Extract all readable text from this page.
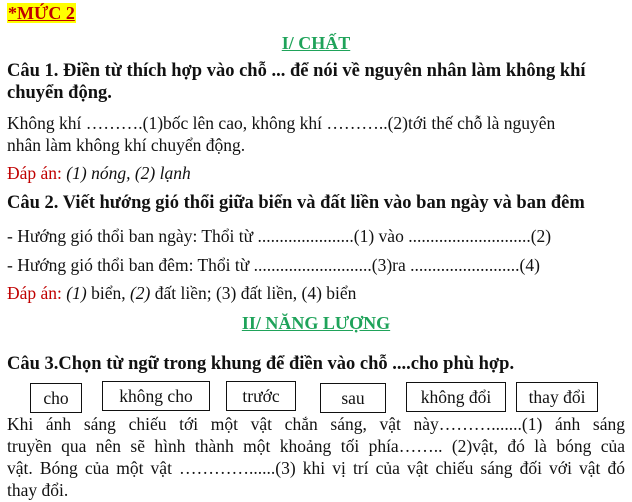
*MỨC 2
I/ CHẤT
Câu 1. Điền từ thích hợp vào chỗ ... để nói về nguyên nhân làm không khí
chuyển động.
Không khí ……….(1)bốc lên cao, không khí ………..(2)tới thế chỗ là nguyên
nhân làm không khí chuyển động.
Đáp án: (1) nóng, (2) lạnh
Câu 2. Viết hướng gió thổi giữa biển và đất liền vào ban ngày và ban đêm
- Hướng gió thổi ban ngày: Thổi từ ......................(1) vào ............................(2)
- Hướng gió thổi ban đêm: Thổi từ ...........................(3)ra .........................(4)
Đáp án: (1) biển, (2) đất liền; (3) đất liền, (4) biển
II/ NĂNG LƯỢNG
Câu 3.Chọn từ ngữ trong khung để điền vào chỗ ....cho phù hợp.
cho	không cho	trước	sau	không đổi	thay đổi
Khi ánh sáng chiếu tới một vật chắn sáng, vật này……….......(1) ánh sáng
truyền qua nên sẽ hình thành một khoảng tối phía…….. (2)vật, đó là bóng của
vật. Bóng của một vật …………......(3) khi vị trí của vật chiếu sáng đối với vật đó
thay đổi.
